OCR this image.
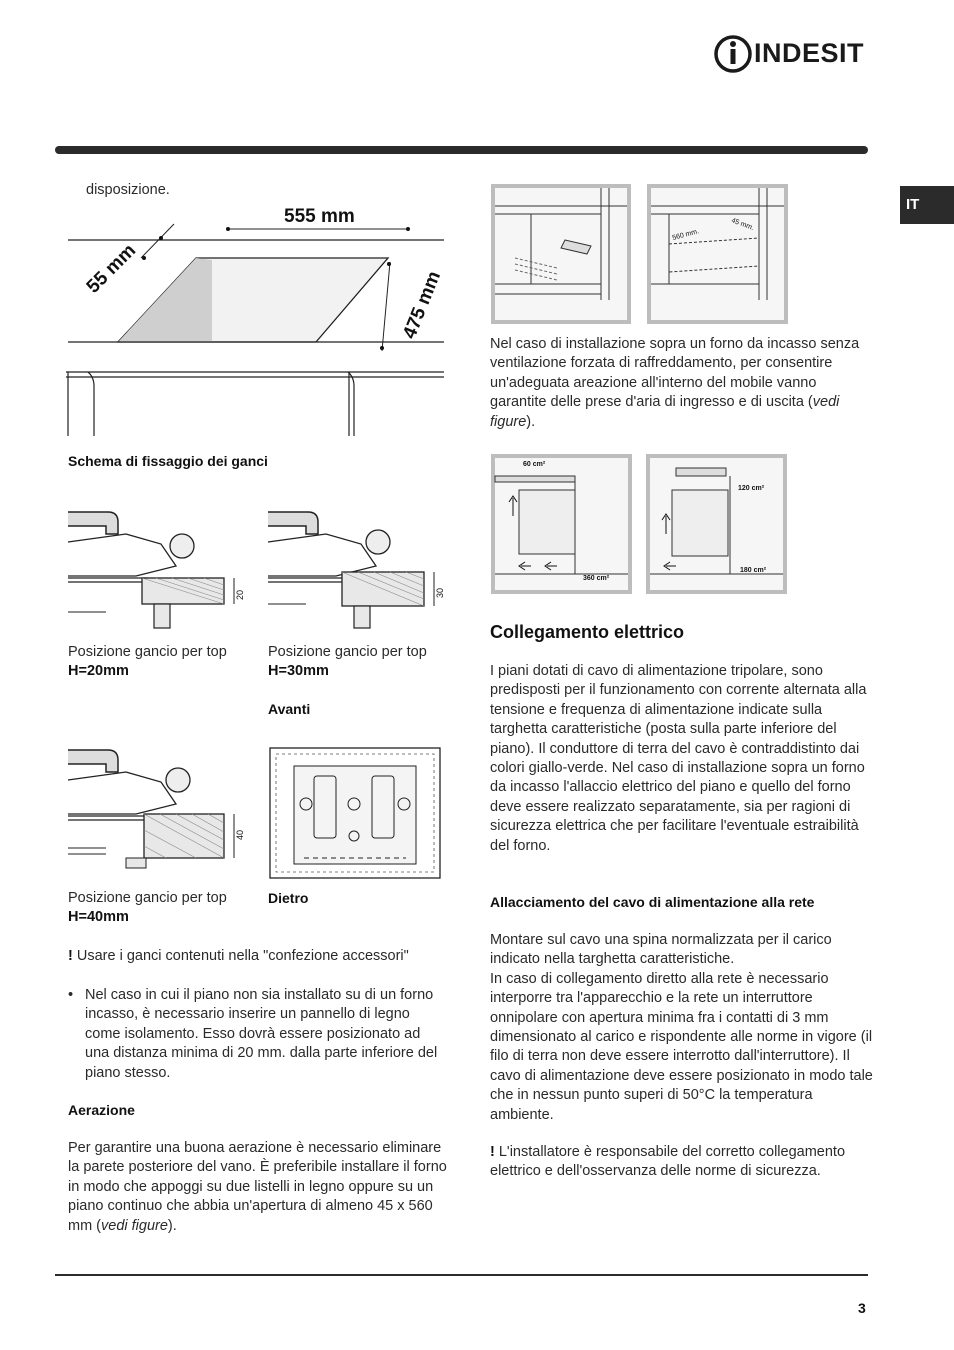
INDESIT
IT
disposizione.
555 mm
55 mm	475 mm
Schema di fissaggio dei ganci
20
Posizione gancio per top H=20mm
30
Posizione gancio per top H=30mm
Avanti
40
Posizione gancio per top H=40mm
Dietro
! Usare i ganci contenuti nella "confezione accessori"
• Nel caso in cui il piano non sia installato su di un forno incasso, è necessario inserire un pannello di legno come isolamento. Esso dovrà essere posizionato ad una distanza minima di 20 mm. dalla parte inferiore del piano stesso.
Aerazione
Per garantire una buona aerazione è necessario eliminare la parete posteriore del vano. È preferibile installare il forno in modo che appoggi su due listelli in legno oppure su un piano continuo che abbia un'apertura di almeno 45 x 560 mm (vedi figure).
560 mm.
45 mm.
Nel caso di installazione sopra un forno da incasso senza ventilazione forzata di raffreddamento, per consentire un'adeguata areazione all'interno del mobile vanno garantite delle prese d'aria di ingresso e di uscita (vedi figure).
60 cm²
360 cm²
120 cm²
180 cm²
Collegamento elettrico
I piani dotati di cavo di alimentazione tripolare, sono predisposti per il funzionamento con corrente alternata alla tensione e frequenza di alimentazione indicate sulla targhetta caratteristiche (posta sulla parte inferiore del piano). Il conduttore di terra del cavo è contraddistinto dai colori giallo-verde. Nel caso di installazione sopra un forno da incasso l'allaccio elettrico del piano e quello del forno deve essere realizzato separatamente, sia per ragioni di sicurezza elettrica che per facilitare l'eventuale estraibilità del forno.
Allacciamento del cavo di alimentazione alla rete
Montare sul cavo una spina normalizzata per il carico indicato nella targhetta caratteristiche.
In caso di collegamento diretto alla rete è necessario interporre tra l'apparecchio e la rete un interruttore onnipolare con apertura minima fra i contatti di 3 mm dimensionato al carico e rispondente alle norme in vigore (il filo di terra non deve essere interrotto dall'interruttore). Il cavo di alimentazione deve essere posizionato in modo tale che in nessun punto superi di 50°C la temperatura ambiente.
! L'installatore è responsabile del corretto collegamento elettrico e dell'osservanza delle norme di sicurezza.
3
